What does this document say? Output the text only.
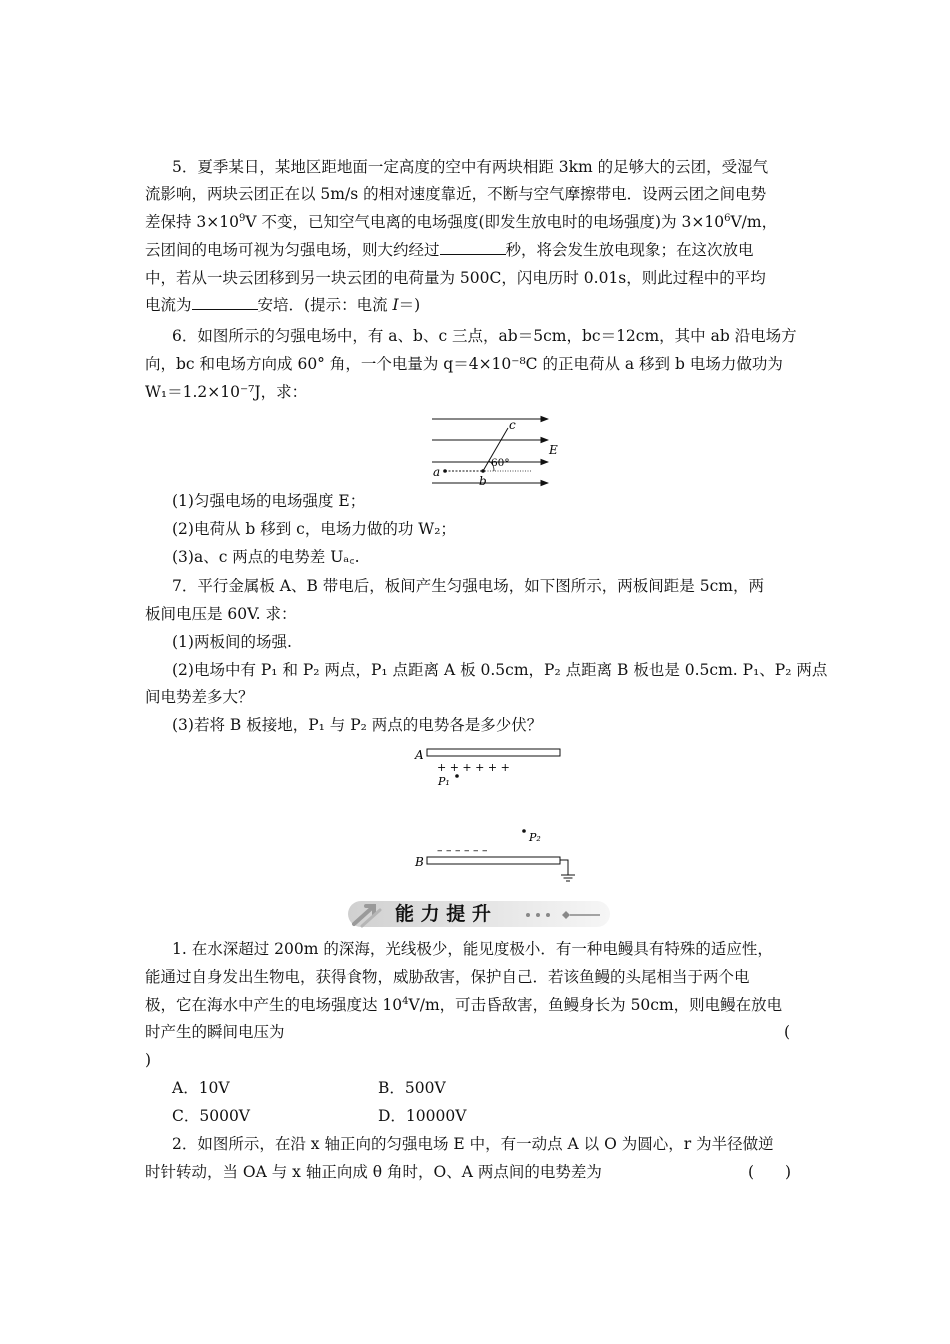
5．夏季某日，某地区距地面一定高度的空中有两块相距 3km 的足够大的云团，受湿气

流影响，两块云团正在以 5m/s 的相对速度靠近，不断与空气摩擦带电．设两云团之间电势

差保持 $3\times 10^9V$ 不变，已知空气电离的电场强度(即发生放电时的电场强度)为 $3\times 10^6V/m$，

云团间的电场可视为匀强电场，则大约经过	秒，将会发生放电现象；在这次放电

中，若从一块云团移到另一块云团的电荷量为 500C，闪电历时 0.01s，则此过程中的平均

电流为	安培．(提示：电流 I＝)

6．如图所示的匀强电场中，有 a、b、c 三点，ab＝5cm，bc＝12cm，其中 ab 沿电场方

向，bc 和电场方向成 60° 角，一个电量为 q＝4×10⁻⁸C 的正电荷从 a 移到 b 电场力做功为

W₁＝1.2×10⁻⁷J，求：

c
E
a
b
60°

(1)匀强电场的电场强度 E；

(2)电荷从 b 移到 c，电场力做的功 W₂；

(3)a、c 两点的电势差 Uₐ꜀.

7．平行金属板 A、B 带电后，板间产生匀强电场，如下图所示，两板间距是 5cm，两

板间电压是 60V. 求：

(1)两板间的场强.

(2)电场中有 P₁ 和 P₂ 两点，P₁ 点距离 A 板 0.5cm，P₂ 点距离 B 板也是 0.5cm. P₁、P₂ 两点

间电势差多大？

(3)若将 B 板接地，P₁ 与 P₂ 两点的电势各是多少伏？

A
+ + + + + +
P₁
P₂
– – – – – –
B
能 力 提 升

1. 在水深超过 200m 的深海，光线极少，能见度极小．有一种电鳗具有特殊的适应性，

能通过自身发出生物电，获得食物，威胁敌害，保护自己．若该鱼鳗的头尾相当于两个电

极，它在海水中产生的电场强度达 $10^4V/m$，可击昏敌害，鱼鳗身长为 50cm，则电鳗在放电

时产生的瞬间电压为	(
)
A．10V	B．500V
C．5000V	D．10000V

2．如图所示，在沿 x 轴正向的匀强电场 E 中，有一动点 A 以 O 为圆心，r 为半径做逆

时针转动，当 OA 与 x 轴正向成 θ 角时，O、A 两点间的电势差为	(　　)
